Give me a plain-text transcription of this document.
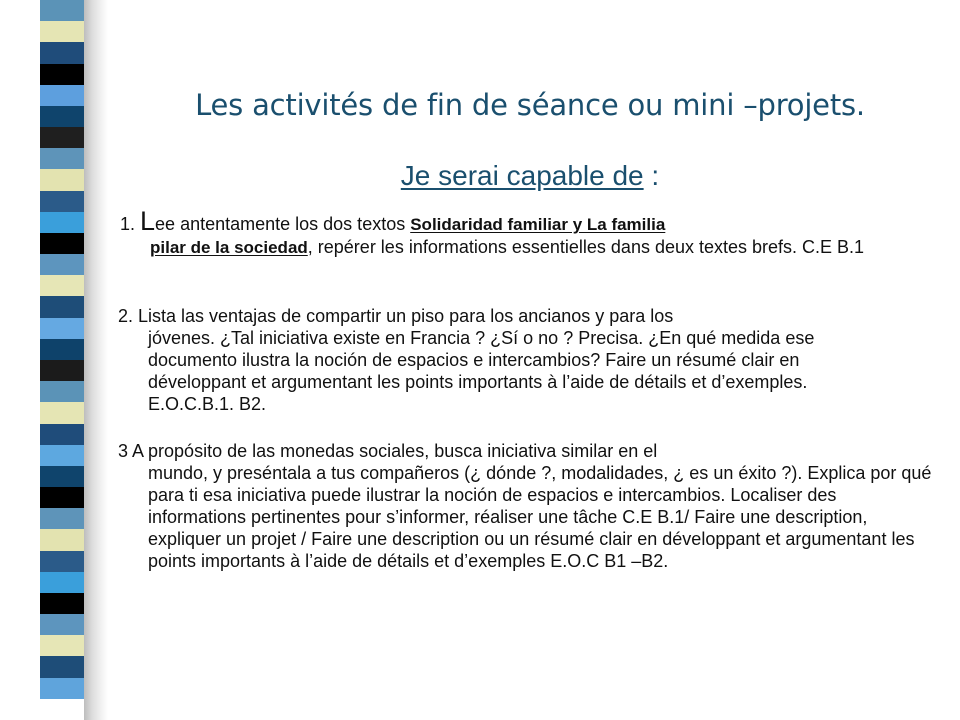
Les activités de fin de séance ou mini –projets.
Je serai capable de :
1. Lee antentamente los dos textos Solidaridad familiar y La familia
pilar de la sociedad, repérer les informations essentielles dans deux textes brefs. C.E B.1
2. Lista las ventajas de compartir un piso para los ancianos y para los
jóvenes. ¿Tal iniciativa existe en Francia ? ¿Sí o no ? Precisa. ¿En qué medida ese documento ilustra la noción de espacios e intercambios? Faire un résumé clair en développant et argumentant les points importants à l’aide de détails et d’exemples. E.O.C.B.1. B2.
3 A propósito de las monedas sociales, busca iniciativa similar en el
mundo, y preséntala a tus compañeros (¿ dónde ?, modalidades, ¿ es un éxito ?). Explica por qué para ti esa iniciativa puede ilustrar la noción de espacios e intercambios. Localiser des informations pertinentes pour s’informer, réaliser une tâche C.E B.1/ Faire une description, expliquer un projet / Faire une description ou un résumé clair en développant et argumentant les points importants à l’aide de détails et d’exemples E.O.C B1 –B2.
